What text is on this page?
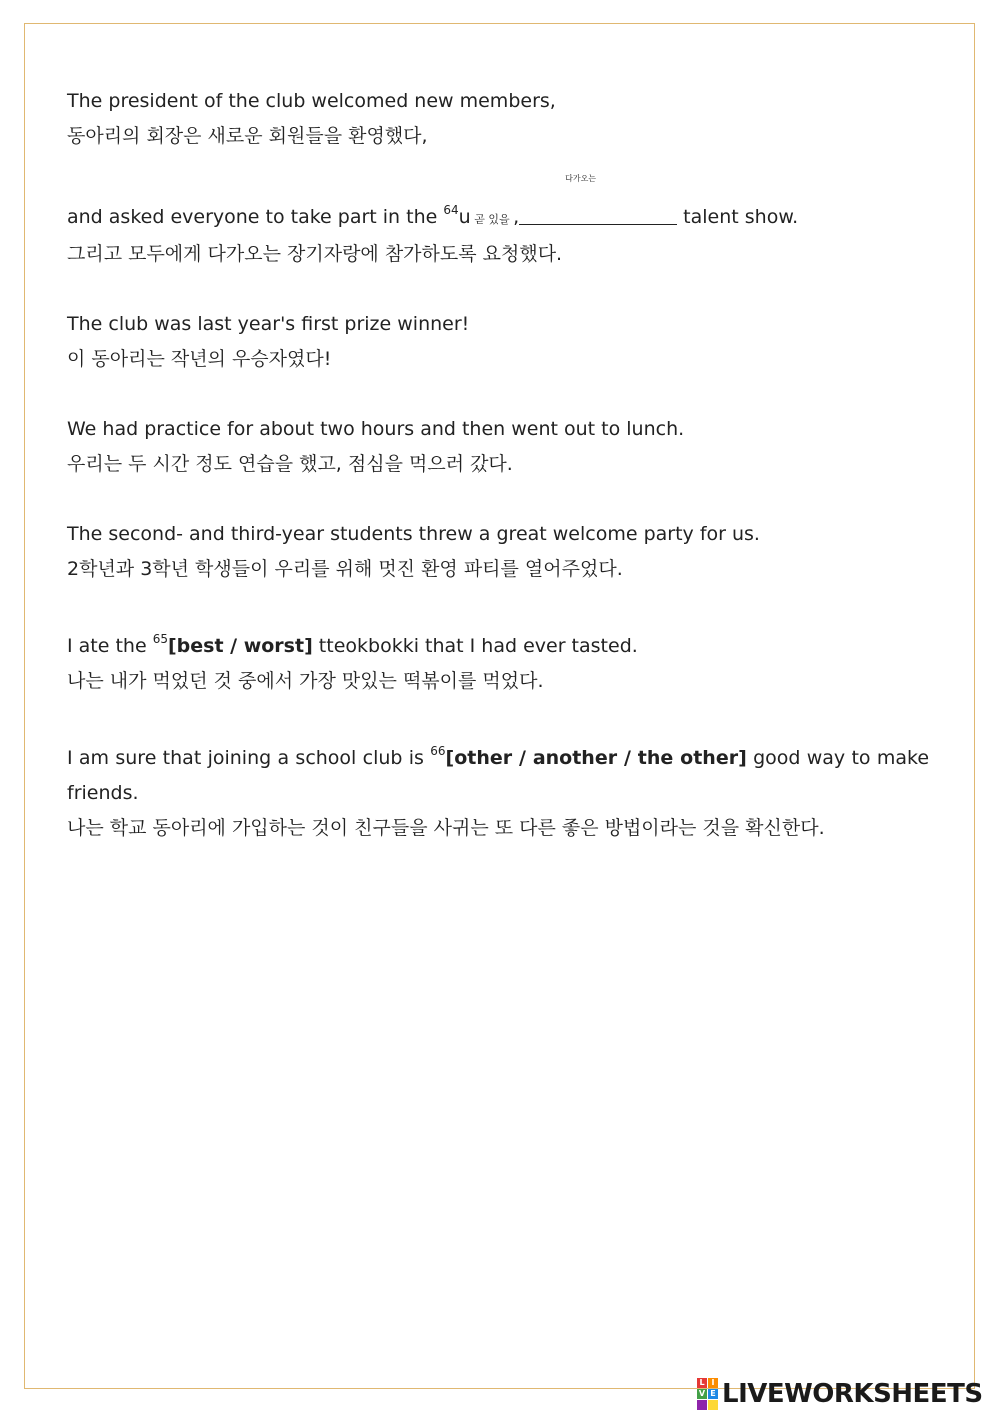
The president of the club welcomed new members,
동아리의 회장은 새로운 회원들을 환영했다,
and asked everyone to take part in the $^{64}$u 곧 있을 ,
다가오는
talent show.
그리고 모두에게 다가오는 장기자랑에 참가하도록 요청했다.
The club was last year's first prize winner!
이 동아리는 작년의 우승자였다!
We had practice for about two hours and then went out to lunch.
우리는 두 시간 정도 연습을 했고, 점심을 먹으러 갔다.
The second- and third-year students threw a great welcome party for us.
2학년과 3학년 학생들이 우리를 위해 멋진 환영 파티를 열어주었다.
I ate the $^{65}$[best / worst] tteokbokki that I had ever tasted.
나는 내가 먹었던 것 중에서 가장 맛있는 떡볶이를 먹었다.
I am sure that joining a school club is $^{66}$[other / another / the other] good way to make friends.
나는 학교 동아리에 가입하는 것이 친구들을 사귀는 또 다른 좋은 방법이라는 것을 확신한다.
L I
V E LIVEWORKSHEETS
